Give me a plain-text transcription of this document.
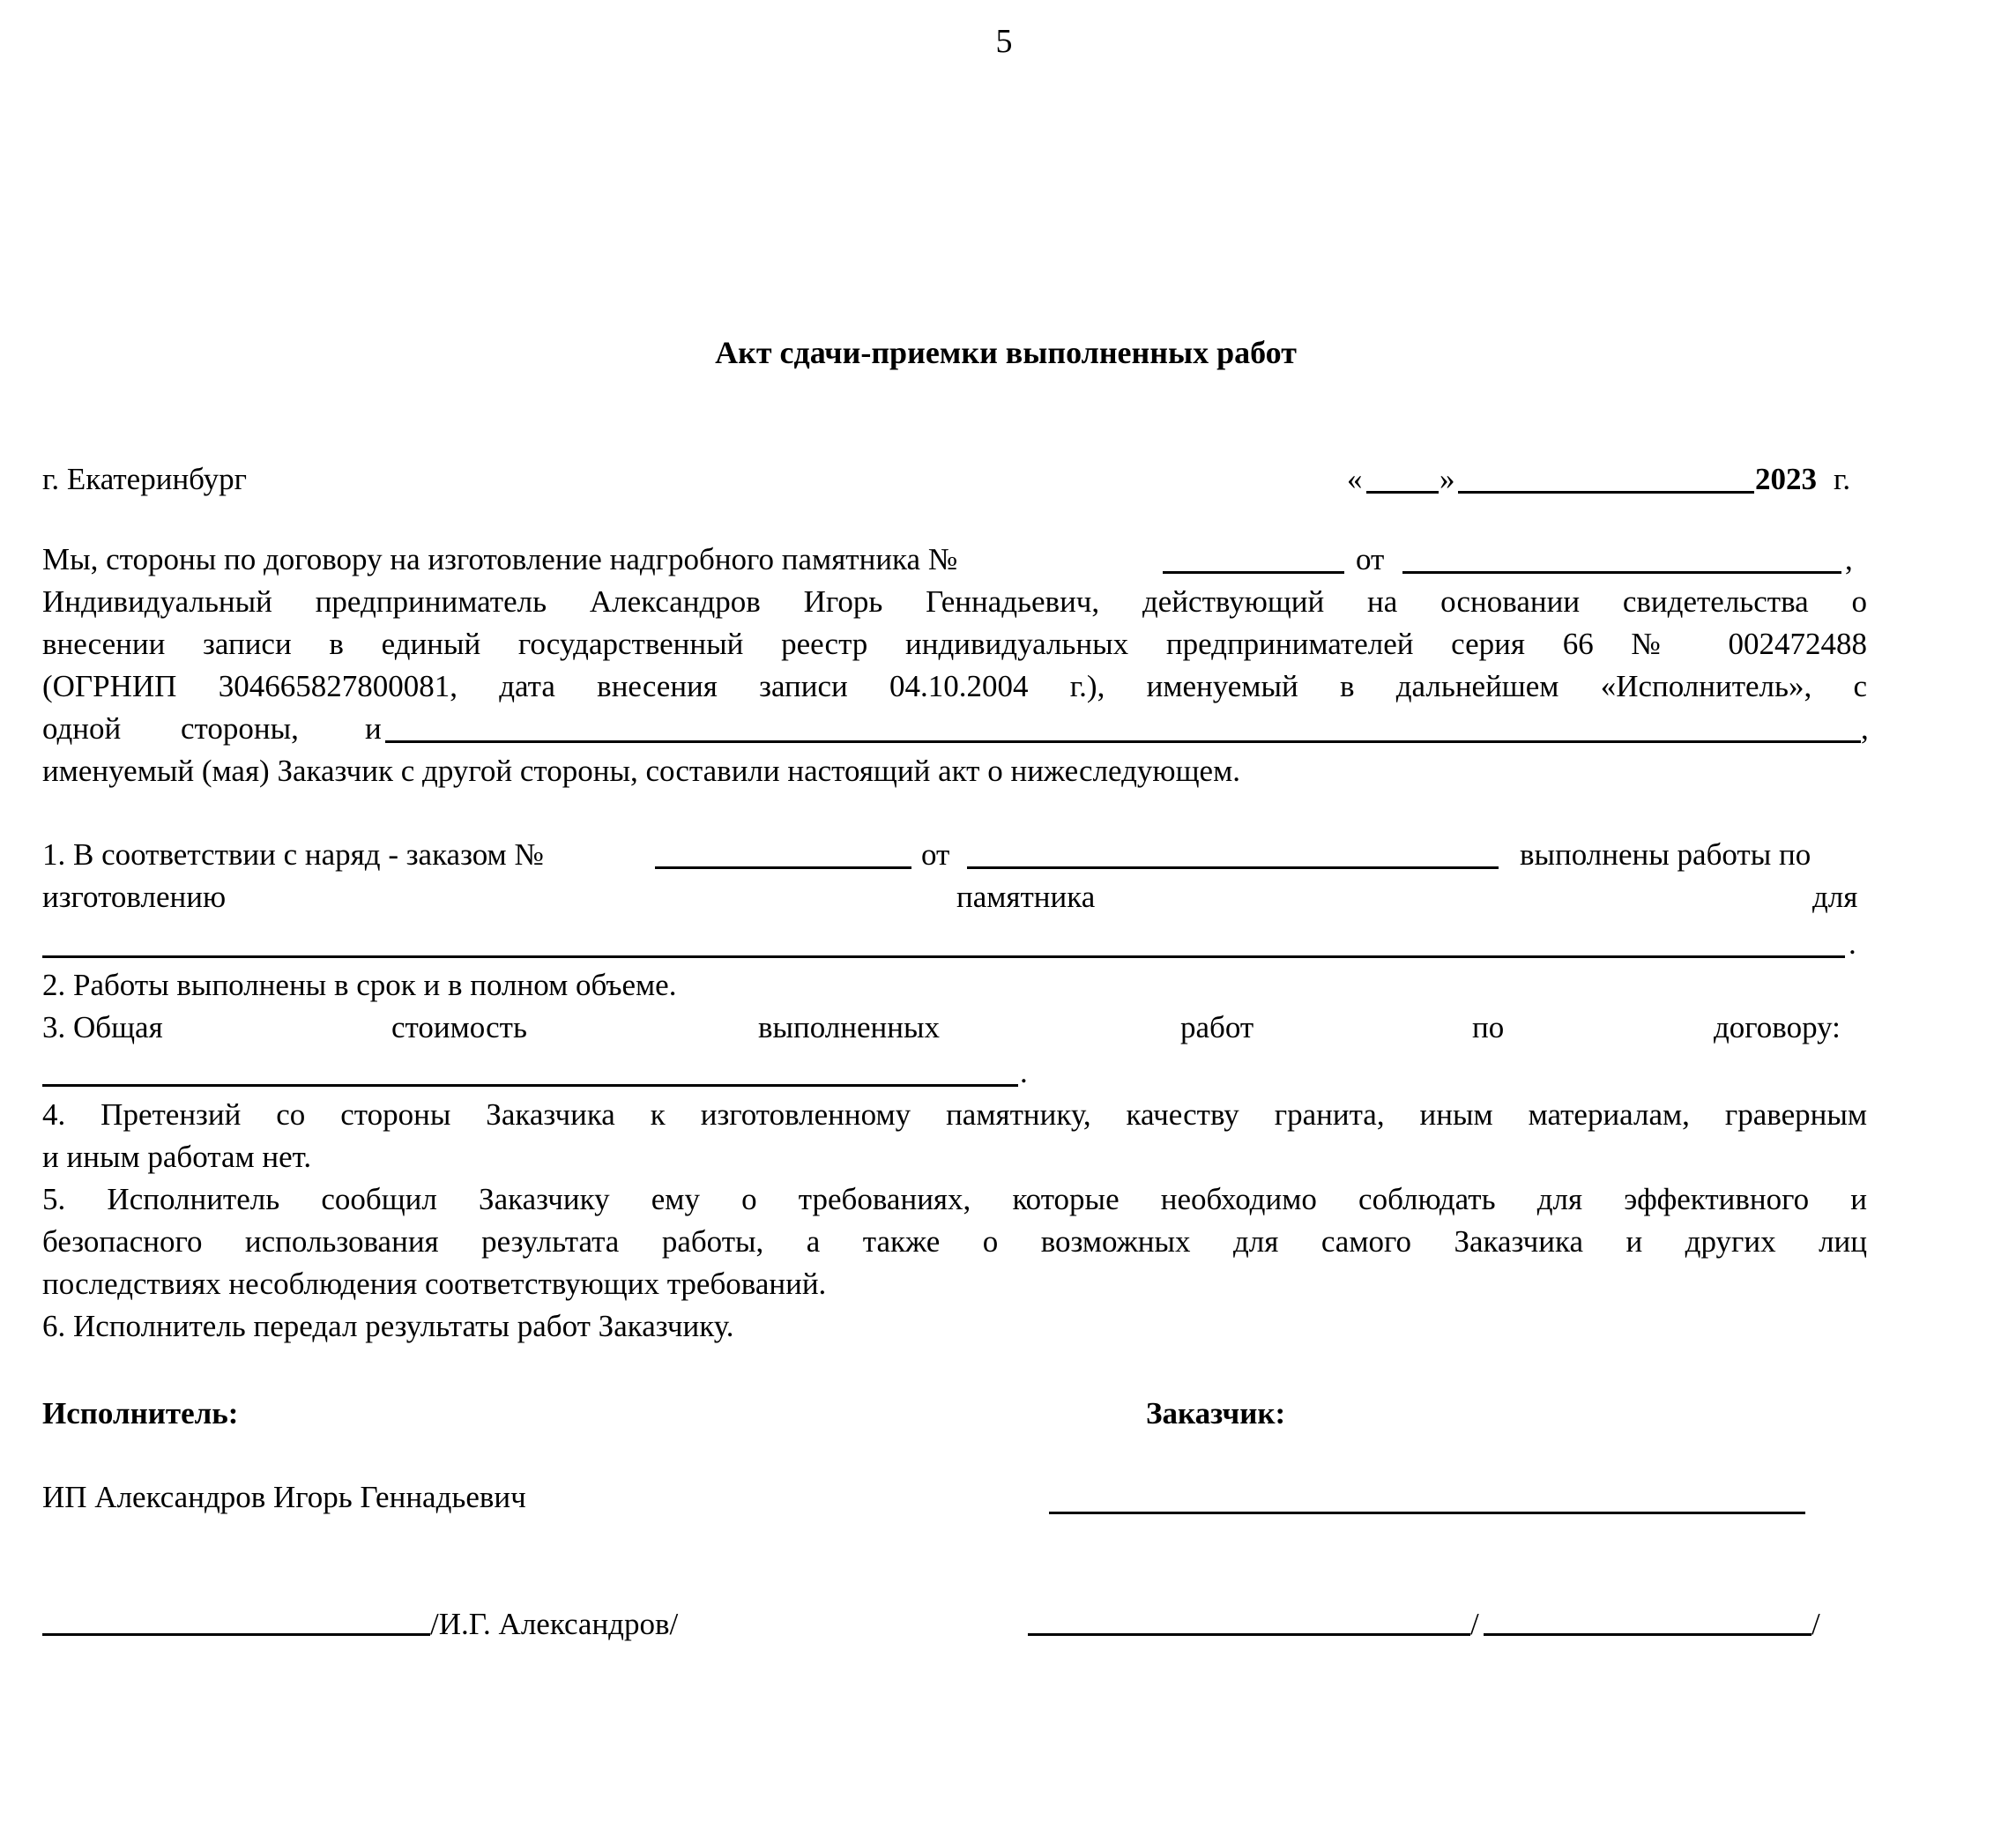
5
Акт сдачи-приемки выполненных работ
г. Екатеринбург	«	»	2023 г.
Мы, стороны по договору на изготовление надгробного памятника №	от	,
Индивидуальный предприниматель Александров Игорь Геннадьевич, действующий на основании свидетельства о
внесении записи в единый государственный реестр индивидуальных предпринимателей серия 66 № 002472488
(ОГРНИП 304665827800081, дата внесения записи 04.10.2004 г.), именуемый в дальнейшем «Исполнитель», с
одной стороны, и	,
именуемый (мая) Заказчик с другой стороны, составили настоящий акт о нижеследующем.
1. В соответствии с наряд - заказом №	от	выполнены работы по
изготовлению	памятника	для
.
2. Работы выполнены в срок и в полном объеме.
3. Общая	стоимость	выполненных	работ	по	договору:
.
4. Претензий со стороны Заказчика к изготовленному памятнику, качеству гранита, иным материалам, граверным
и иным работам нет.
5. Исполнитель сообщил Заказчику ему о требованиях, которые необходимо соблюдать для эффективного и
безопасного использования результата работы, а также о возможных для самого Заказчика и других лиц
последствиях несоблюдения соответствующих требований.
6. Исполнитель передал результаты работ Заказчику.
Исполнитель:	Заказчик:
ИП Александров Игорь Геннадьевич
/И.Г. Александров/	/	/
